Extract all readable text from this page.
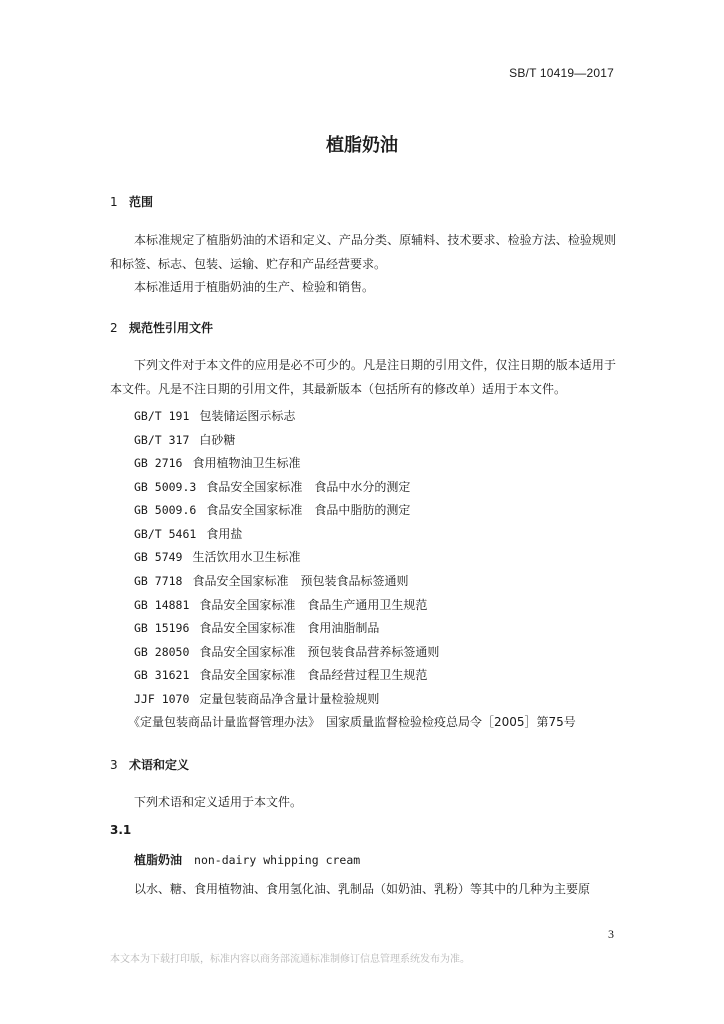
SB/T 10419—2017
植脂奶油
1 范围
本标准规定了植脂奶油的术语和定义、产品分类、原辅料、技术要求、检验方法、检验规则和标签、标志、包装、运输、贮存和产品经营要求。
本标准适用于植脂奶油的生产、检验和销售。
2 规范性引用文件
下列文件对于本文件的应用是必不可少的。凡是注日期的引用文件，仅注日期的版本适用于本文件。凡是不注日期的引用文件，其最新版本（包括所有的修改单）适用于本文件。
GB/T 191 包装储运图示标志
GB/T 317 白砂糖
GB 2716 食用植物油卫生标准
GB 5009.3 食品安全国家标准　食品中水分的测定
GB 5009.6 食品安全国家标准　食品中脂肪的测定
GB/T 5461 食用盐
GB 5749 生活饮用水卫生标准
GB 7718 食品安全国家标准　预包装食品标签通则
GB 14881 食品安全国家标准　食品生产通用卫生规范
GB 15196 食品安全国家标准　食用油脂制品
GB 28050 食品安全国家标准　预包装食品营养标签通则
GB 31621 食品安全国家标准　食品经营过程卫生规范
JJF 1070 定量包装商品净含量计量检验规则
《定量包装商品计量监督管理办法》　国家质量监督检验检疫总局令［2005］第75号
3 术语和定义
下列术语和定义适用于本文件。
3.1
植脂奶油 non-dairy whipping cream
以水、糖、食用植物油、食用氢化油、乳制品（如奶油、乳粉）等其中的几种为主要原
3
本文本为下载打印版，标准内容以商务部流通标准制修订信息管理系统发布为准。
